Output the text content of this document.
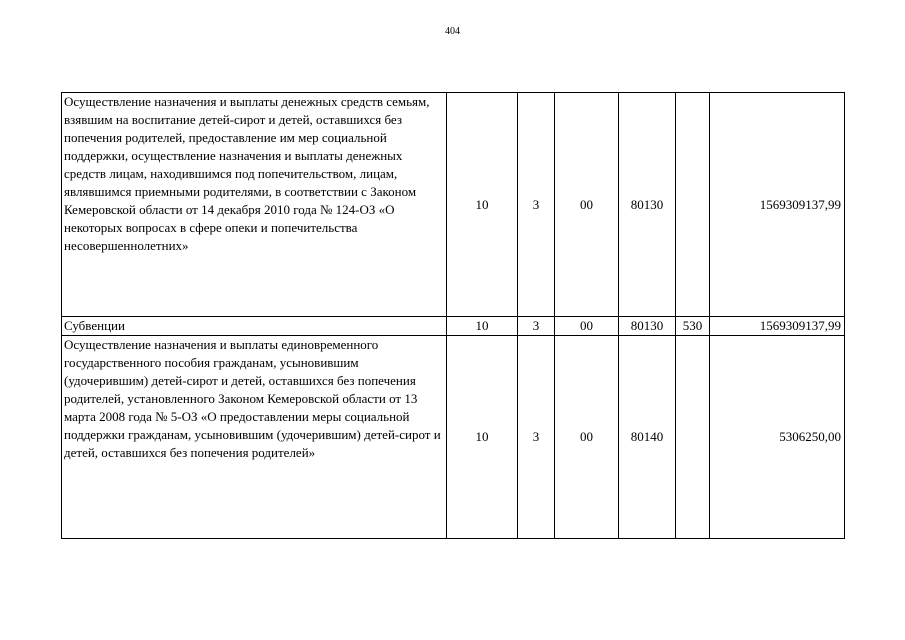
404
Осуществление назначения и выплаты денежных средств семьям, взявшим на воспитание детей-сирот и детей, оставшихся без попечения родителей, предоставление им мер социальной поддержки, осуществление назначения и выплаты денежных средств лицам, находившимся под попечительством, лицам, являвшимся приемными родителями, в соответствии с Законом Кемеровской области от 14 декабря 2010 года № 124-ОЗ «О некоторых вопросах в сфере опеки и попечительства несовершеннолетних»	10	3	00	80130		1569309137,99
Субвенции	10	3	00	80130	530	1569309137,99
Осуществление назначения и выплаты единовременного государственного пособия гражданам, усыновившим (удочерившим) детей-сирот и детей, оставшихся без попечения родителей, установленного Законом Кемеровской области от 13 марта 2008 года № 5-ОЗ «О предоставлении меры социальной поддержки гражданам, усыновившим (удочерившим) детей-сирот и детей, оставшихся без попечения родителей»	10	3	00	80140		5306250,00
